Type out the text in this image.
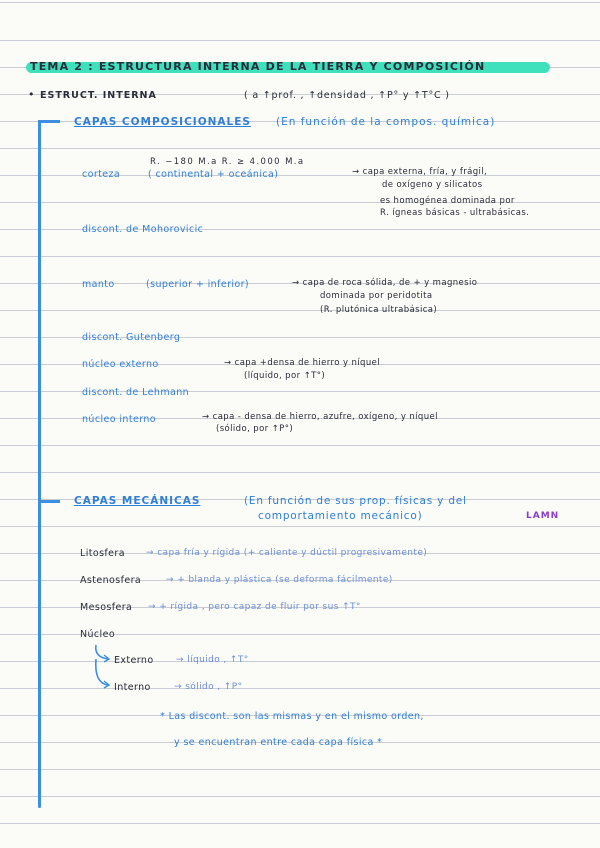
TEMA 2 : ESTRUCTURA INTERNA DE LA TIERRA Y COMPOSICIÓN
• ESTRUCT. INTERNA	( a ↑prof. , ↑densidad , ↑P° y ↑T°C )
CAPAS COMPOSICIONALES (En función de la compos. química)
R. −180 M.a R. ≥ 4.000 M.a
corteza	( continental + oceánica)	→ capa externa, fría, y frágil,
de oxígeno y silicatos
es homogénea dominada por
R. ígneas básicas - ultrabásicas.
discont. de Mohorovicic
manto	(superior + inferior)	→ capa de roca sólida, de + y magnesio
dominada por peridotita
(R. plutónica ultrabásica)
discont. Gutenberg
núcleo externo	→ capa +densa de hierro y níquel
(líquido, por ↑T°)
discont. de Lehmann
núcleo interno	→ capa - densa de hierro, azufre, oxígeno, y níquel
(sólido, por ↑P°)
CAPAS MECÁNICAS	(En función de sus prop. físicas y del
comportamiento mecánico)	LAMN
Litosfera → capa fría y rígida (+ caliente y dúctil progresivamente)
Astenosfera	→ + blanda y plástica (se deforma fácilmente)
Mesosfera → + rígida , pero capaz de fluir por sus ↑T°
Núcleo
Externo → líquido , ↑T°
Interno	→ sólido , ↑P°
* Las discont. son las mismas y en el mismo orden,
y se encuentran entre cada capa física *
